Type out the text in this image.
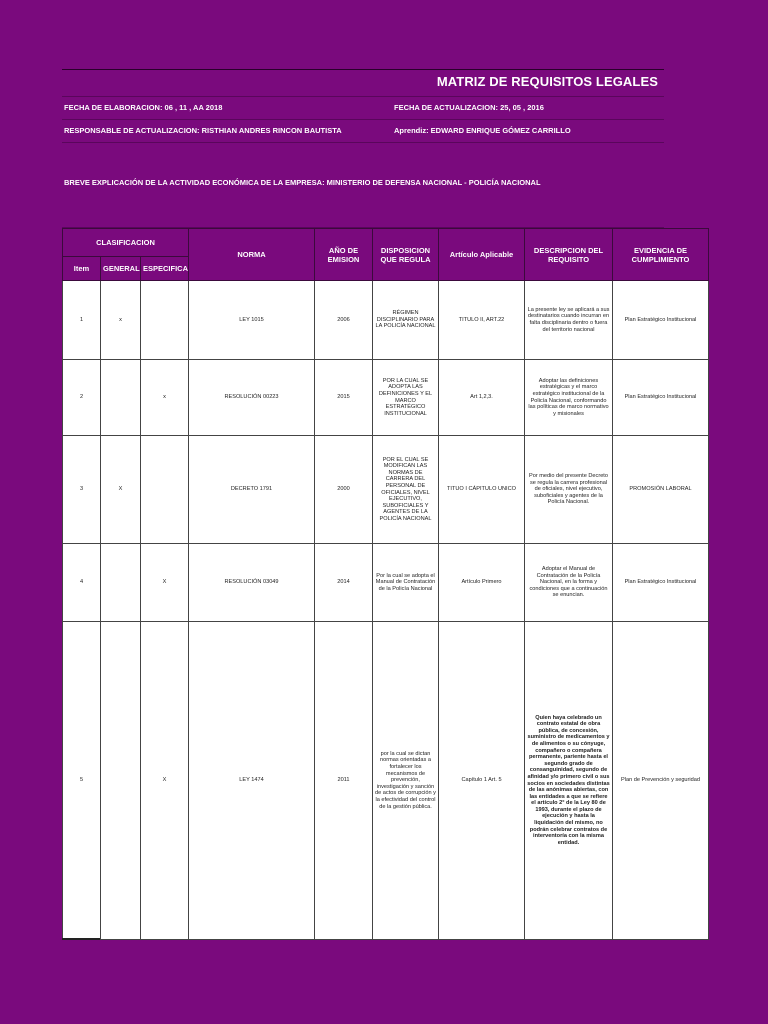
MATRIZ DE REQUISITOS LEGALES
FECHA DE ELABORACION: 06 , 11 , AA 2018	FECHA DE ACTUALIZACION: 25, 05 , 2016
RESPONSABLE DE ACTUALIZACION: RISTHIAN ANDRES RINCON BAUTISTA	Aprendiz: EDWARD ENRIQUE GÓMEZ CARRILLO
BREVE EXPLICACIÓN DE LA ACTIVIDAD ECONÓMICA DE LA EMPRESA: MINISTERIO DE DEFENSA NACIONAL - POLICÍA NACIONAL
CLASIFICACION			NORMA	AÑO DE EMISION	DISPOSICION QUE REGULA	Artículo Aplicable	DESCRIPCION DEL REQUISITO	EVIDENCIA DE CUMPLIMIENTO
Item	GENERAL	ESPECIFICA						
1	x		LEY 1015	2006	RÉGIMEN DISCIPLINARIO PARA LA POLICÍA NACIONAL	TITULO II, ART.22	La presente ley se aplicará a sus destinatarios cuando incurran en falta disciplinaria dentro o fuera del territorio nacional	Plan Estratégico Institucional
2		x	RESOLUCIÓN 00223	2015	POR LA CUAL SE ADOPTA LAS DEFINICIONES Y EL MARCO ESTRATÉGICO INSTITUCIONAL	Art 1,2,3.	Adoptar las definiciones estratégicas y el marco estratégico institucional de la Policía Nacional, conformando las políticas de marco normativo y misionales	Plan Estratégico Institucional
3	X		DECRETO 1791	2000	POR EL CUAL SE MODIFICAN LAS NORMAS DE CARRERA DEL PERSONAL DE OFICIALES, NIVEL EJECUTIVO, SUBOFICIALES Y AGENTES DE LA POLICÍA NACIONAL	TITUO I CÁPITULO UNICO	Por medio del presente Decreto se regula la carrera profesional de oficiales, nivel ejecutivo, suboficiales y agentes de la Policía Nacional.	PROMOSIÓN LABORAL
4		X	RESOLUCIÓN 03049	2014	Por la cual se adopta el Manual de Contratación de la Policía Nacional	Artículo Primero	Adoptar el Manual de Contratación de la Policía Nacional, en la forma y condiciones que a continuación se enuncian.	Plan Estratégico Institucional
5		X	LEY 1474	2011	por la cual se dictan normas orientadas a fortalecer los mecanismos de prevención, investigación y sanción de actos de corrupción y la efectividad del control de la gestión pública.	Capítulo 1 Art. 5	Quien haya celebrado un contrato estatal de obra pública, de concesión, suministro de medicamentos y de alimentos o su cónyuge, compañero o compañera permanente, pariente hasta el segundo grado de consanguinidad, segundo de afinidad y/o primero civil o sus socios en sociedades distintas de las anónimas abiertas, con las entidades a que se refiere el artículo 2° de la Ley 80 de 1993, durante el plazo de ejecución y hasta la liquidación del mismo, no podrán celebrar contratos de interventoría con la misma entidad.	Plan de Prevención y seguridad
